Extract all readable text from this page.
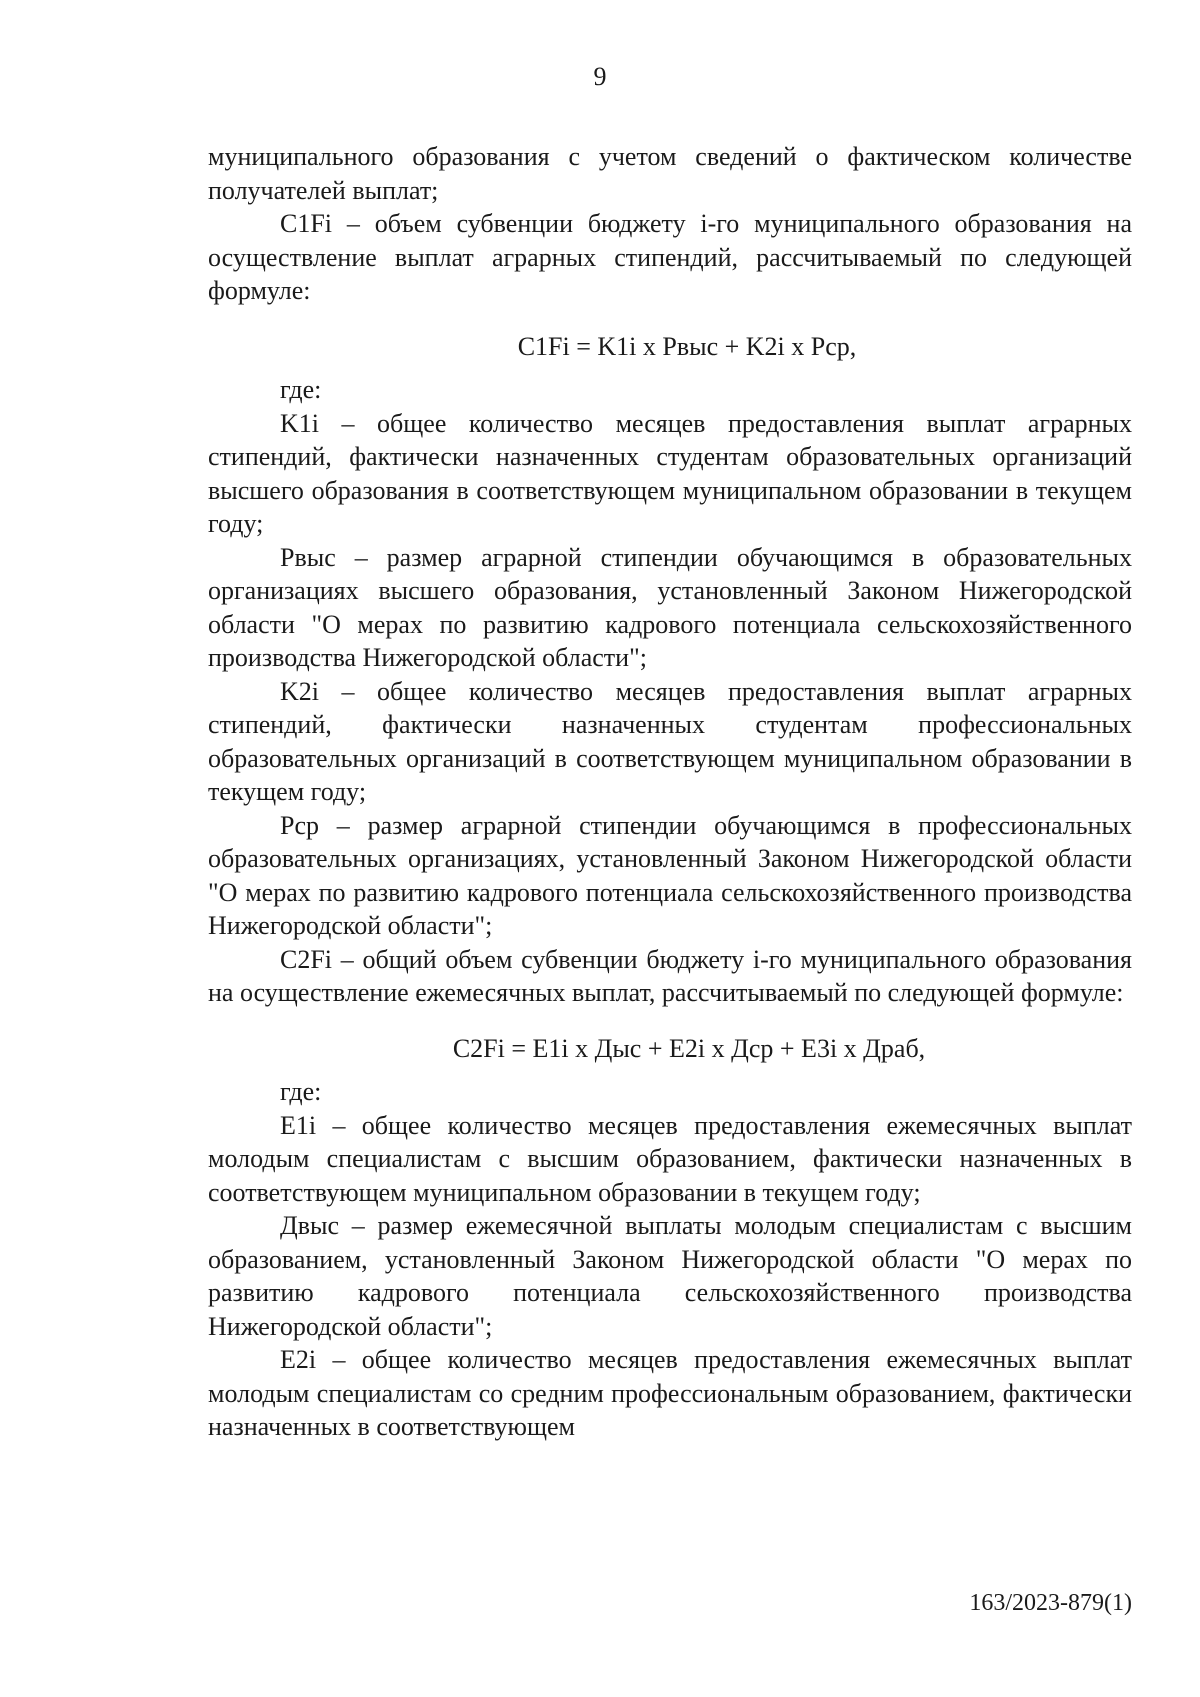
9

муниципального образования с учетом сведений о фактическом количестве получателей выплат;

C1Fi – объем субвенции бюджету i-го муниципального образования на осуществление выплат аграрных стипендий, рассчитываемый по следующей формуле:

C1Fi = K1i x Pвыс + K2i x Pср,

где:

K1i – общее количество месяцев предоставления выплат аграрных стипендий, фактически назначенных студентам образовательных организаций высшего образования в соответствующем муниципальном образовании в текущем году;

Pвыс – размер аграрной стипендии обучающимся в образовательных организациях высшего образования, установленный Законом Нижегородской области "О мерах по развитию кадрового потенциала сельскохозяйственного производства Нижегородской области";

K2i – общее количество месяцев предоставления выплат аграрных стипендий, фактически назначенных студентам профессиональных образовательных организаций в соответствующем муниципальном образовании в текущем году;

Pср – размер аграрной стипендии обучающимся в профессиональных образовательных организациях, установленный Законом Нижегородской области "О мерах по развитию кадрового потенциала сельскохозяйственного производства Нижегородской области";

C2Fi – общий объем субвенции бюджету i-го муниципального образования на осуществление ежемесячных выплат, рассчитываемый по следующей формуле:

C2Fi = E1i x Дыс + E2i x Дср + E3i x Драб,

где:

E1i – общее количество месяцев предоставления ежемесячных выплат молодым специалистам с высшим образованием, фактически назначенных в соответствующем муниципальном образовании в текущем году;

Двыс – размер ежемесячной выплаты молодым специалистам с высшим образованием, установленный Законом Нижегородской области "О мерах по развитию кадрового потенциала сельскохозяйственного производства Нижегородской области";

E2i – общее количество месяцев предоставления ежемесячных выплат молодым специалистам со средним профессиональным образованием, фактически назначенных в соответствующем

163/2023-879(1)
